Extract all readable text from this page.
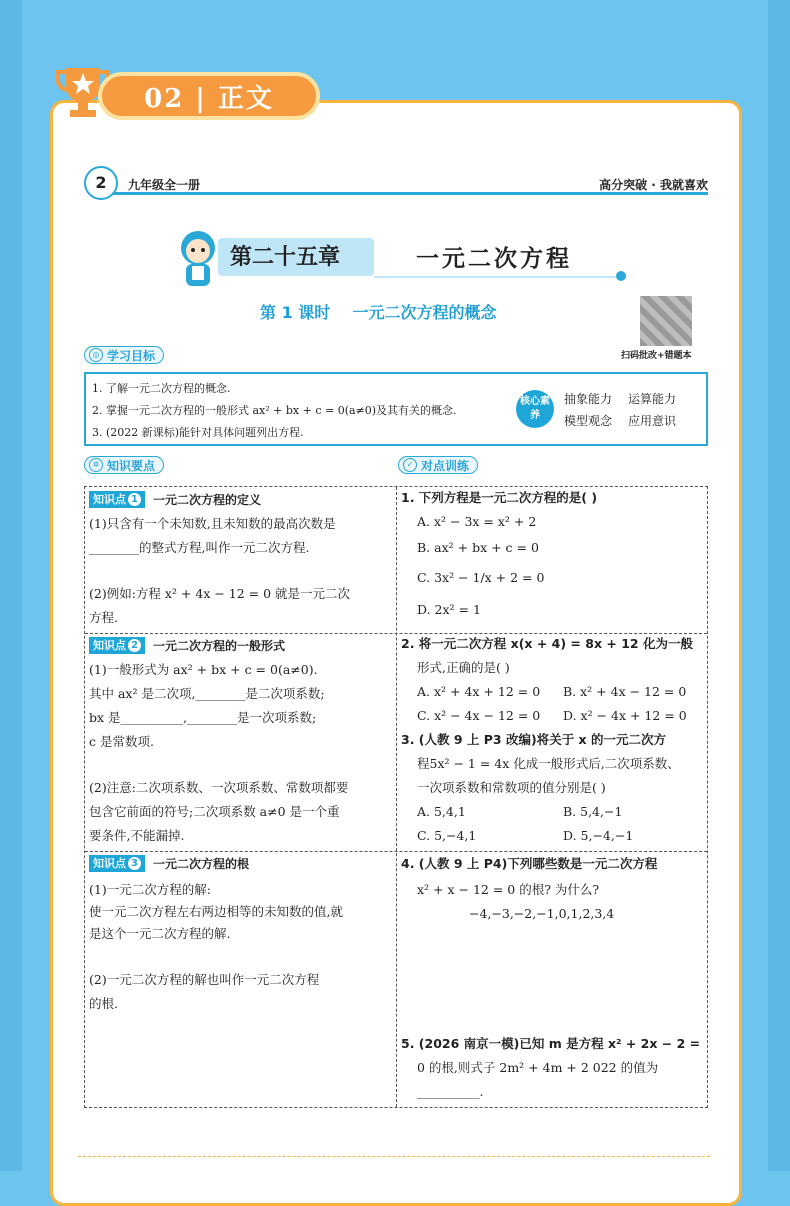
02 | 正文
2	九年级全一册	高分突破 · 我就喜欢
第二十五章	一元二次方程
第 1 课时    一元二次方程的概念
扫码批改+错题本
◎ 学习目标
1. 了解一元二次方程的概念.
2. 掌握一元二次方程的一般形式 ax² + bx + c = 0(a≠0)及其有关的概念.
3. (2022 新课标)能针对具体问题列出方程.
核心素养
抽象能力 运算能力
模型观念 应用意识
✲ 知识要点	✓ 对点训练
知识点 1 一元二次方程的定义
(1)只含有一个未知数,且未知数的最高次数是
________的整式方程,叫作一元二次方程.
(2)例如:方程 x² + 4x − 12 = 0 就是一元二次
方程.
知识点 2 一元二次方程的一般形式
(1)一般形式为 ax² + bx + c = 0(a≠0).
其中 ax² 是二次项,________是二次项系数;
bx 是__________,________是一次项系数;
c 是常数项.
(2)注意:二次项系数、一次项系数、常数项都要
包含它前面的符号;二次项系数 a≠0 是一个重
要条件,不能漏掉.
知识点 3 一元二次方程的根
(1)一元二次方程的解:
使一元二次方程左右两边相等的未知数的值,就
是这个一元二次方程的解.
(2)一元二次方程的解也叫作一元二次方程
的根.
1. 下列方程是一元二次方程的是( )
A. x² − 3x = x² + 2
B. ax² + bx + c = 0
C. 3x² − 1/x + 2 = 0
D. 2x² = 1
2. 将一元二次方程 x(x + 4) = 8x + 12 化为一般
形式,正确的是( )
A. x² + 4x + 12 = 0 B. x² + 4x − 12 = 0
C. x² − 4x − 12 = 0 D. x² − 4x + 12 = 0
3. (人教 9 上 P3 改编)将关于 x 的一元二次方
程5x² − 1 = 4x 化成一般形式后,二次项系数、
一次项系数和常数项的值分别是( )
A. 5,4,1	B. 5,4,−1
C. 5,−4,1	D. 5,−4,−1
4. (人教 9 上 P4)下列哪些数是一元二次方程
x² + x − 12 = 0 的根? 为什么?
−4,−3,−2,−1,0,1,2,3,4
5. (2026 南京一模)已知 m 是方程 x² + 2x − 2 =
0 的根,则式子 2m² + 4m + 2 022 的值为
__________.
